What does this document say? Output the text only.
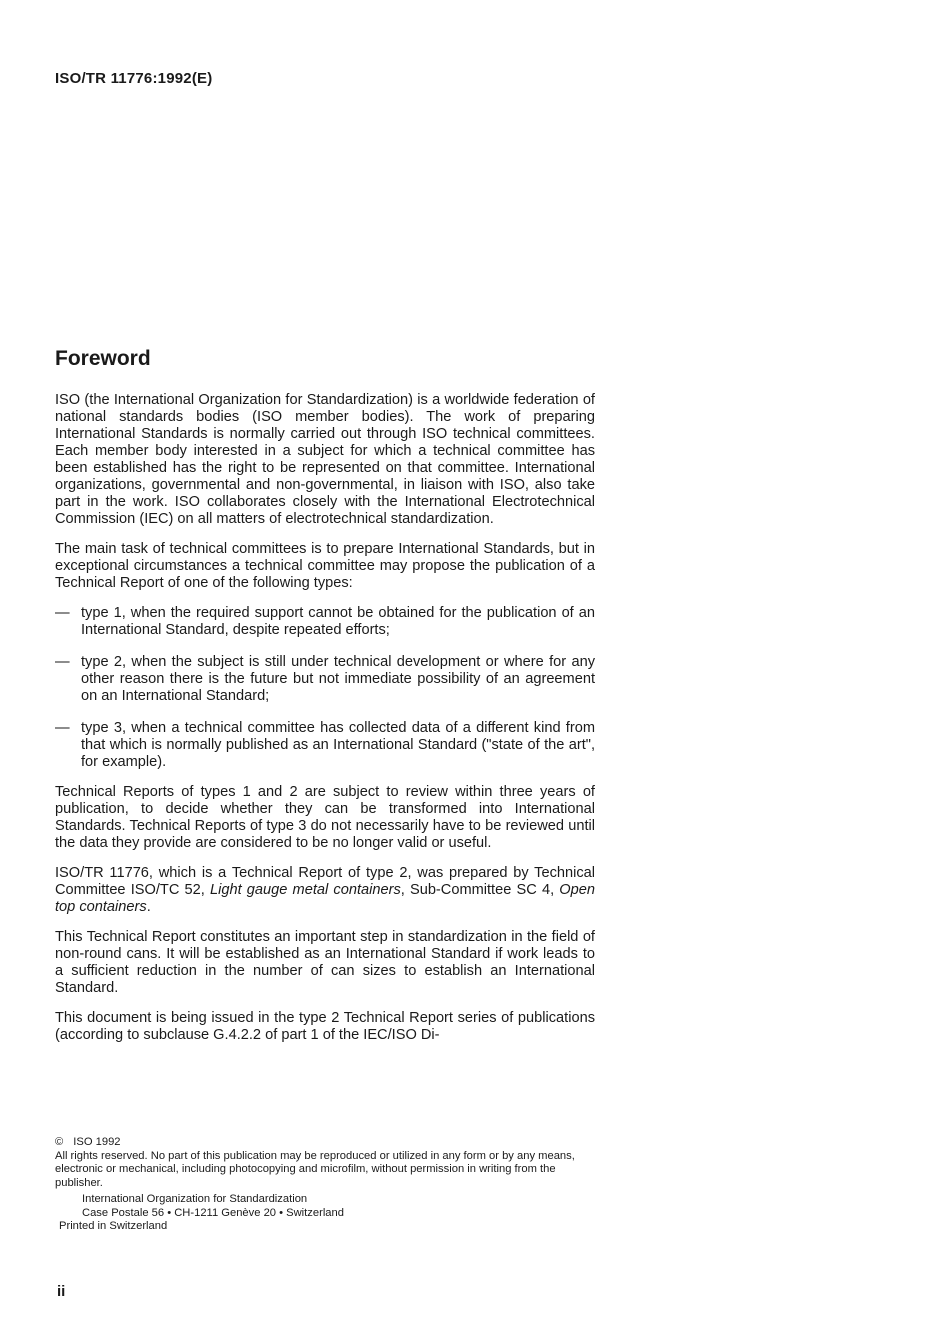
ISO/TR 11776:1992(E)
Foreword

ISO (the International Organization for Standardization) is a worldwide federation of national standards bodies (ISO member bodies). The work of preparing International Standards is normally carried out through ISO technical committees. Each member body interested in a subject for which a technical committee has been established has the right to be represented on that committee. International organizations, governmental and non-governmental, in liaison with ISO, also take part in the work. ISO collaborates closely with the International Electrotechnical Commission (IEC) on all matters of electrotechnical standardization.

The main task of technical committees is to prepare International Standards, but in exceptional circumstances a technical committee may propose the publication of a Technical Report of one of the following types:

— type 1, when the required support cannot be obtained for the publication of an International Standard, despite repeated efforts;
— type 2, when the subject is still under technical development or where for any other reason there is the future but not immediate possibility of an agreement on an International Standard;
— type 3, when a technical committee has collected data of a different kind from that which is normally published as an International Standard ("state of the art", for example).

Technical Reports of types 1 and 2 are subject to review within three years of publication, to decide whether they can be transformed into International Standards. Technical Reports of type 3 do not necessarily have to be reviewed until the data they provide are considered to be no longer valid or useful.

ISO/TR 11776, which is a Technical Report of type 2, was prepared by Technical Committee ISO/TC 52, Light gauge metal containers, Sub-Committee SC 4, Open top containers.

This Technical Report constitutes an important step in standardization in the field of non-round cans. It will be established as an International Standard if work leads to a sufficient reduction in the number of can sizes to establish an International Standard.

This document is being issued in the type 2 Technical Report series of publications (according to subclause G.4.2.2 of part 1 of the IEC/ISO Di-

© ISO 1992

All rights reserved. No part of this publication may be reproduced or utilized in any form or by any means, electronic or mechanical, including photocopying and microfilm, without permission in writing from the publisher.

International Organization for Standardization

Case Postale 56 • CH-1211 Genève 20 • Switzerland

Printed in Switzerland

ii
